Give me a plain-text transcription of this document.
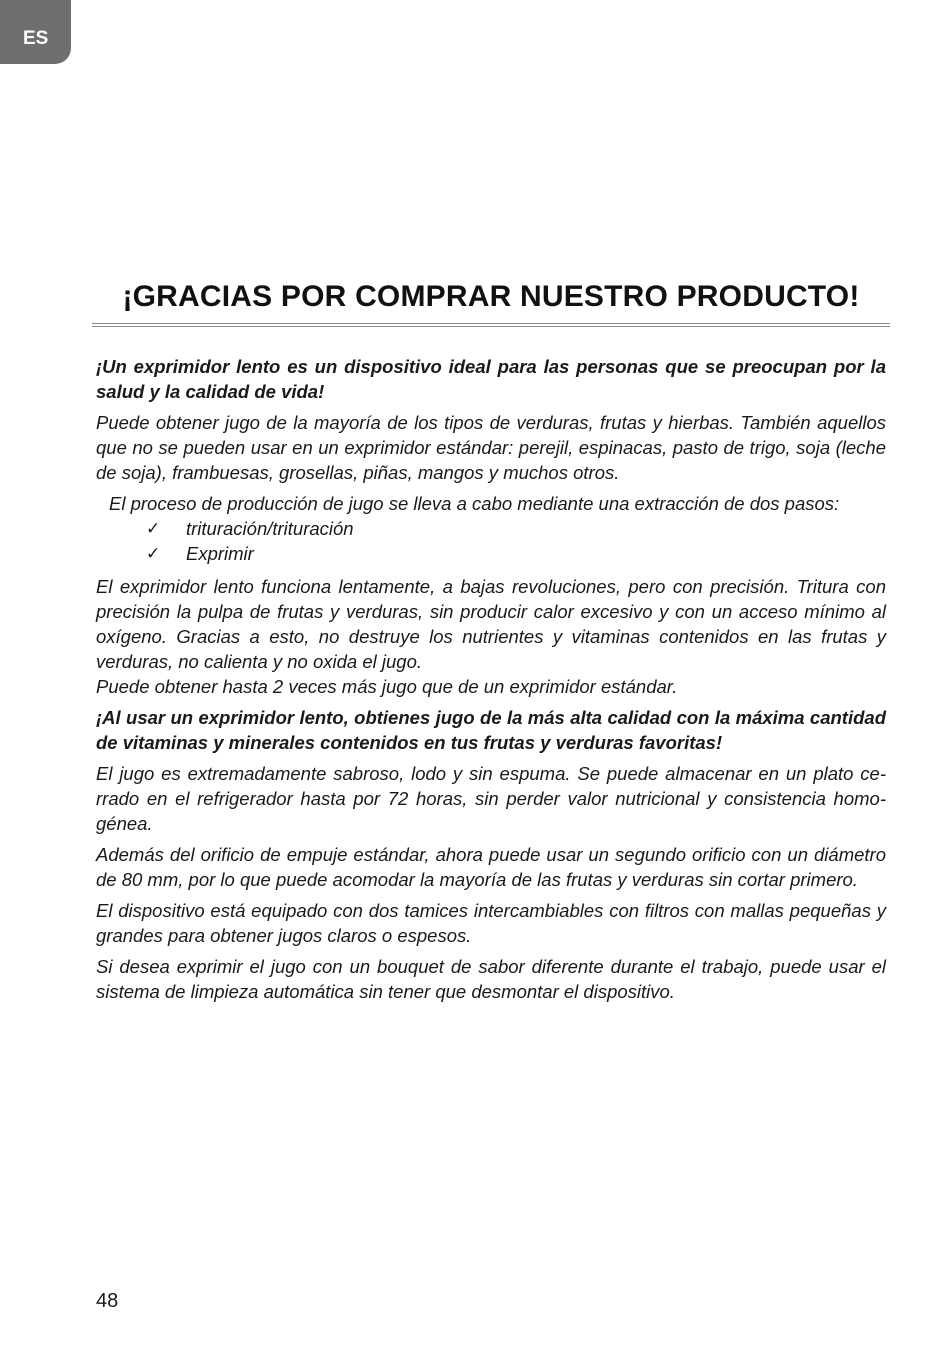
ES
¡GRACIAS POR COMPRAR NUESTRO PRODUCTO!

¡Un exprimidor lento es un dispositivo ideal para las personas que se preocupan por la salud y la calidad de vida!

Puede obtener jugo de la mayoría de los tipos de verduras, frutas y hierbas. También aquellos que no se pueden usar en un exprimidor estándar: perejil, espinacas, pasto de trigo, soja (leche de soja), frambuesas, grosellas, piñas, mangos y muchos otros.

El proceso de producción de jugo se lleva a cabo mediante una extracción de dos pasos:

✓ trituración/trituración
✓ Exprimir

El exprimidor lento funciona lentamente, a bajas revoluciones, pero con precisión. Tritura con precisión la pulpa de frutas y verduras, sin producir calor excesivo y con un acceso mínimo al oxígeno. Gracias a esto, no destruye los nutrientes y vitaminas contenidos en las frutas y verduras, no calienta y no oxida el jugo.

Puede obtener hasta 2 veces más jugo que de un exprimidor estándar.

¡Al usar un exprimidor lento, obtienes jugo de la más alta calidad con la máxima cantidad de vitaminas y minerales contenidos en tus frutas y verduras favoritas!

El jugo es extremadamente sabroso, lodo y sin espuma. Se puede almacenar en un plato ce-rrado en el refrigerador hasta por 72 horas, sin perder valor nutricional y consistencia homo-génea.

Además del orificio de empuje estándar, ahora puede usar un segundo orificio con un diámetro de 80 mm, por lo que puede acomodar la mayoría de las frutas y verduras sin cortar primero.

El dispositivo está equipado con dos tamices intercambiables con filtros con mallas pequeñas y grandes para obtener jugos claros o espesos.

Si desea exprimir el jugo con un bouquet de sabor diferente durante el trabajo, puede usar el sistema de limpieza automática sin tener que desmontar el dispositivo.

48
